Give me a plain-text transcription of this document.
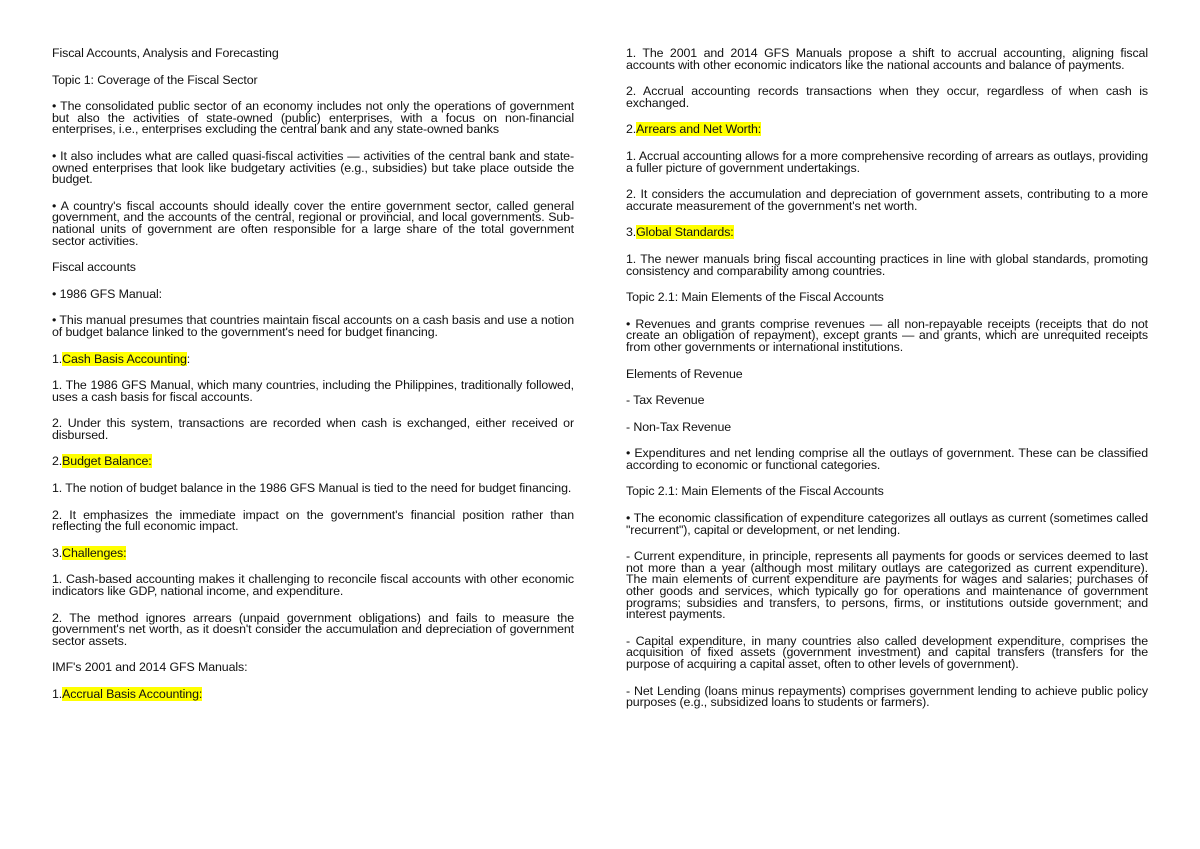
Fiscal Accounts, Analysis and Forecasting

Topic 1: Coverage of the Fiscal Sector

• The consolidated public sector of an economy includes not only the operations of government but also the activities of state-owned (public) enterprises, with a focus on non-financial enterprises, i.e., enterprises excluding the central bank and any state-owned banks

• It also includes what are called quasi-fiscal activities — activities of the central bank and state-owned enterprises that look like budgetary activities (e.g., subsidies) but take place outside the budget.

• A country's fiscal accounts should ideally cover the entire government sector, called general government, and the accounts of the central, regional or provincial, and local governments. Sub-national units of government are often responsible for a large share of the total government sector activities.

Fiscal accounts

• 1986 GFS Manual:

• This manual presumes that countries maintain fiscal accounts on a cash basis and use a notion of budget balance linked to the government's need for budget financing.

1.Cash Basis Accounting:

1. The 1986 GFS Manual, which many countries, including the Philippines, traditionally followed, uses a cash basis for fiscal accounts.

2. Under this system, transactions are recorded when cash is exchanged, either received or disbursed.

2.Budget Balance:

1. The notion of budget balance in the 1986 GFS Manual is tied to the need for budget financing.

2. It emphasizes the immediate impact on the government's financial position rather than reflecting the full economic impact.

3.Challenges:

1. Cash-based accounting makes it challenging to reconcile fiscal accounts with other economic indicators like GDP, national income, and expenditure.

2. The method ignores arrears (unpaid government obligations) and fails to measure the government's net worth, as it doesn't consider the accumulation and depreciation of government sector assets.

IMF's 2001 and 2014 GFS Manuals:

1.Accrual Basis Accounting:

1. The 2001 and 2014 GFS Manuals propose a shift to accrual accounting, aligning fiscal accounts with other economic indicators like the national accounts and balance of payments.

2. Accrual accounting records transactions when they occur, regardless of when cash is exchanged.

2.Arrears and Net Worth:

1. Accrual accounting allows for a more comprehensive recording of arrears as outlays, providing a fuller picture of government undertakings.

2. It considers the accumulation and depreciation of government assets, contributing to a more accurate measurement of the government's net worth.

3.Global Standards:

1. The newer manuals bring fiscal accounting practices in line with global standards, promoting consistency and comparability among countries.

Topic 2.1: Main Elements of the Fiscal Accounts

• Revenues and grants comprise revenues — all non-repayable receipts (receipts that do not create an obligation of repayment), except grants — and grants, which are unrequited receipts from other governments or international institutions.

Elements of Revenue

- Tax Revenue

- Non-Tax Revenue

• Expenditures and net lending comprise all the outlays of government. These can be classified according to economic or functional categories.

Topic 2.1: Main Elements of the Fiscal Accounts

• The economic classification of expenditure categorizes all outlays as current (sometimes called "recurrent"), capital or development, or net lending.

- Current expenditure, in principle, represents all payments for goods or services deemed to last not more than a year (although most military outlays are categorized as current expenditure). The main elements of current expenditure are payments for wages and salaries; purchases of other goods and services, which typically go for operations and maintenance of government programs; subsidies and transfers, to persons, firms, or institutions outside government; and interest payments.

- Capital expenditure, in many countries also called development expenditure, comprises the acquisition of fixed assets (government investment) and capital transfers (transfers for the purpose of acquiring a capital asset, often to other levels of government).

- Net Lending (loans minus repayments) comprises government lending to achieve public policy purposes (e.g., subsidized loans to students or farmers).
